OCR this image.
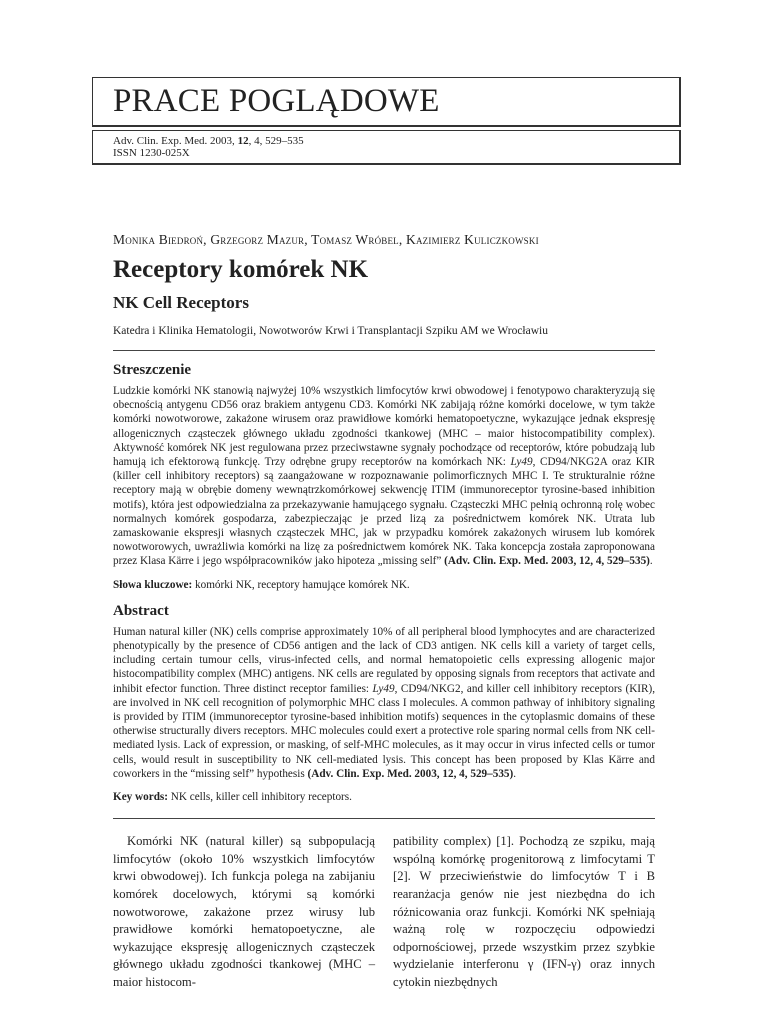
PRACE POGLĄDOWE
Adv. Clin. Exp. Med. 2003, 12, 4, 529–535
ISSN 1230-025X
Monika Biedroń, Grzegorz Mazur, Tomasz Wróbel, Kazimierz Kuliczkowski
Receptory komórek NK
NK Cell Receptors
Katedra i Klinika Hematologii, Nowotworów Krwi i Transplantacji Szpiku AM we Wrocławiu
Streszczenie
Ludzkie komórki NK stanowią najwyżej 10% wszystkich limfocytów krwi obwodowej i fenotypowo charakteryzują się obecnością antygenu CD56 oraz brakiem antygenu CD3. Komórki NK zabijają różne komórki docelowe, w tym także komórki nowotworowe, zakażone wirusem oraz prawidłowe komórki hematopoetyczne, wykazujące jednak ekspresję allogenicznych cząsteczek głównego układu zgodności tkankowej (MHC – maior histocompatibility complex). Aktywność komórek NK jest regulowana przez przeciwstawne sygnały pochodzące od receptorów, które pobudzają lub hamują ich efektorową funkcję. Trzy odrębne grupy receptorów na komórkach NK: Ly49, CD94/NKG2A oraz KIR (killer cell inhibitory receptors) są zaangażowane w rozpoznawanie polimorficznych MHC I. Te strukturalnie różne receptory mają w obrębie domeny wewnątrzkomórkowej sekwencję ITIM (immunoreceptor tyrosine-based inhibition motifs), która jest odpowiedzialna za przekazywanie hamującego sygnału. Cząsteczki MHC pełnią ochronną rolę wobec normalnych komórek gospodarza, zabezpieczając je przed lizą za pośrednictwem komórek NK. Utrata lub zamaskowanie ekspresji własnych cząsteczek MHC, jak w przypadku komórek zakażonych wirusem lub komórek nowotworowych, uwrażliwia komórki na lizę za pośrednictwem komórek NK. Taka koncepcja została zaproponowana przez Klasa Kärre i jego współpracowników jako hipoteza „missing self” (Adv. Clin. Exp. Med. 2003, 12, 4, 529–535).
Słowa kluczowe: komórki NK, receptory hamujące komórek NK.
Abstract
Human natural killer (NK) cells comprise approximately 10% of all peripheral blood lymphocytes and are characterized phenotypically by the presence of CD56 antigen and the lack of CD3 antigen. NK cells kill a variety of target cells, including certain tumour cells, virus-infected cells, and normal hematopoietic cells expressing allogenic major histocompatibility complex (MHC) antigens. NK cells are regulated by opposing signals from receptors that activate and inhibit efector function. Three distinct receptor families: Ly49, CD94/NKG2, and killer cell inhibitory receptors (KIR), are involved in NK cell recognition of polymorphic MHC class I molecules. A common pathway of inhibitory signaling is provided by ITIM (immunoreceptor tyrosine-based inhibition motifs) sequences in the cytoplasmic domains of these otherwise structurally divers receptors. MHC molecules could exert a protective role sparing normal cells from NK cell-mediated lysis. Lack of expression, or masking, of self-MHC molecules, as it may occur in virus infected cells or tumor cells, would result in susceptibility to NK cell-mediated lysis. This concept has been proposed by Klas Kärre and coworkers in the “missing self” hypothesis (Adv. Clin. Exp. Med. 2003, 12, 4, 529–535).
Key words: NK cells, killer cell inhibitory receptors.
Komórki NK (natural killer) są subpopulacją limfocytów (około 10% wszystkich limfocytów krwi obwodowej). Ich funkcja polega na zabijaniu komórek docelowych, którymi są komórki nowotworowe, zakażone przez wirusy lub prawidłowe komórki hematopoetyczne, ale wykazujące ekspresję allogenicznych cząsteczek głównego układu zgodności tkankowej (MHC – maior histocom-
patibility complex) [1]. Pochodzą ze szpiku, mają wspólną komórkę progenitorową z limfocytami T [2]. W przeciwieństwie do limfocytów T i B rearanżacja genów nie jest niezbędna do ich różnicowania oraz funkcji. Komórki NK spełniają ważną rolę w rozpoczęciu odpowiedzi odpornościowej, przede wszystkim przez szybkie wydzielanie interferonu γ (IFN-γ) oraz innych cytokin niezbędnych
